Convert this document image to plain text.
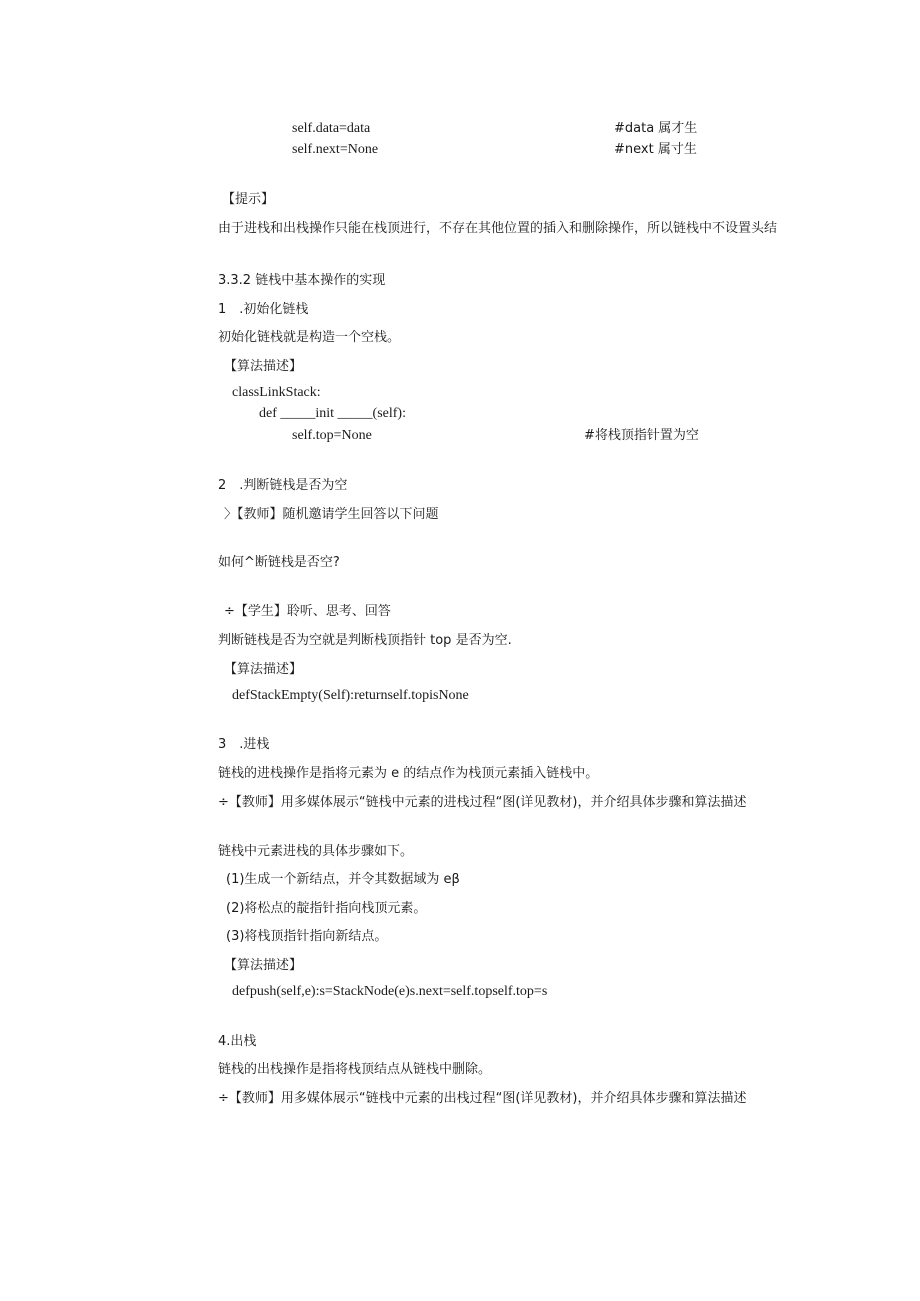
self.data=data	#data 属才生
self.next=None	#next 属寸生
【提示】
由于进栈和出栈操作只能在栈顶进行，不存在其他位置的插入和删除操作，所以链栈中不设置头结
3.3.2 链栈中基本操作的实现
1　.初始化链栈
初始化链栈就是构造一个空栈。
【算法描述】
classLinkStack:
def _____init _____(self):
self.top=None	#将栈顶指针置为空
2　.判断链栈是否为空
〉【教师】随机邀请学生回答以下问题
如何^断链栈是否空?
÷【学生】聆听、思考、回答
判断链栈是否为空就是判断栈顶指针 top 是否为空.
【算法描述】
defStackEmpty(Self):returnself.topisNone
3　.进栈
链栈的进栈操作是指将元素为 e 的结点作为栈顶元素插入链栈中。
÷【教师】用多媒体展示“链栈中元素的进栈过程“图(详见教材)，并介绍具体步骤和算法描述
链栈中元素进栈的具体步骤如下。
(1)生成一个新结点，并令其数据域为 eβ
(2)将松点的靛指针指向栈顶元素。
(3)将栈顶指针指向新结点。
【算法描述】
defpush(self,e):s=StackNode(e)s.next=self.topself.top=s
4.出栈
链栈的出栈操作是指将栈顶结点从链栈中删除。
÷【教师】用多媒体展示“链栈中元素的出栈过程“图(详见教材)，并介绍具体步骤和算法描述
